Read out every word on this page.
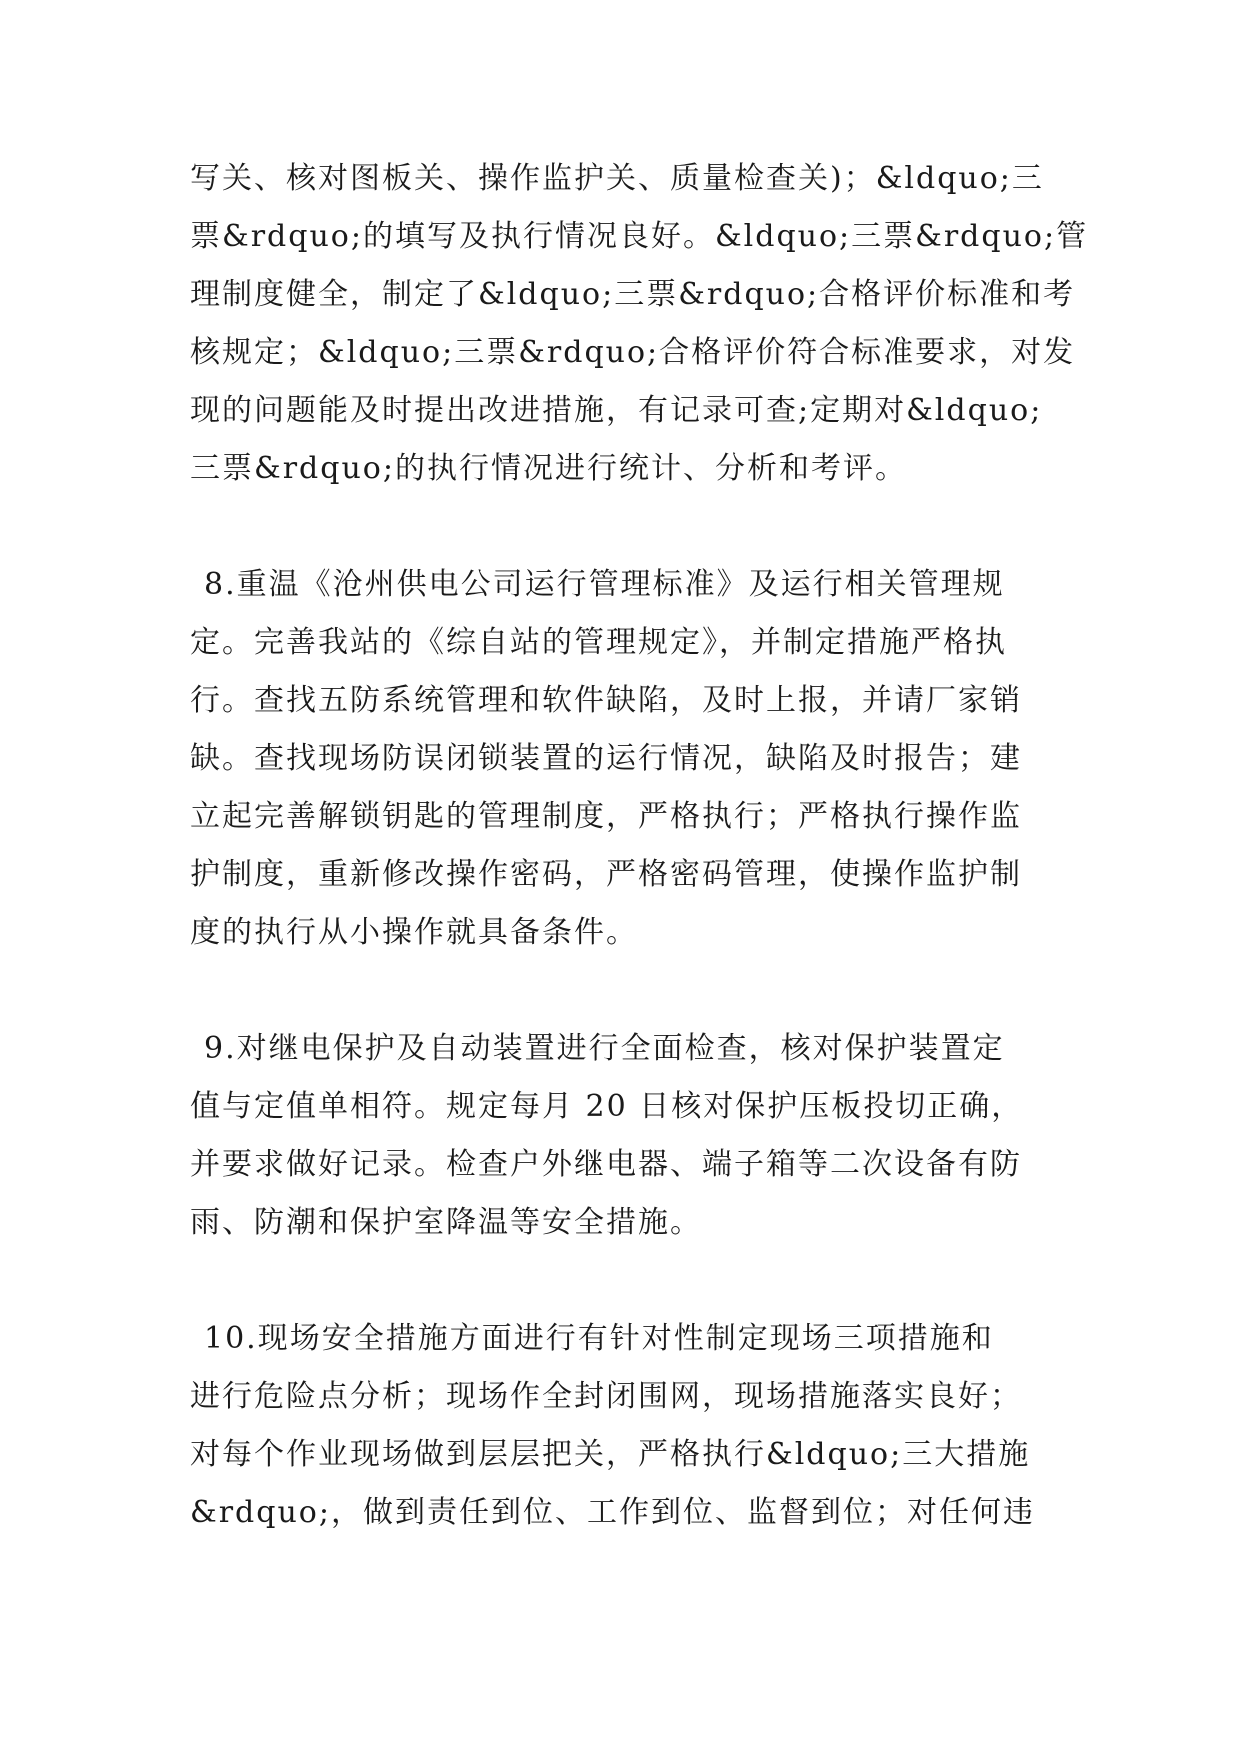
写关、核对图板关、操作监护关、质量检查关)；&ldquo;三
票&rdquo;的填写及执行情况良好。&ldquo;三票&rdquo;管
理制度健全，制定了&ldquo;三票&rdquo;合格评价标准和考
核规定；&ldquo;三票&rdquo;合格评价符合标准要求，对发
现的问题能及时提出改进措施，有记录可查;定期对&ldquo;
三票&rdquo;的执行情况进行统计、分析和考评。
8.重温《沧州供电公司运行管理标准》及运行相关管理规
定。完善我站的《综自站的管理规定》，并制定措施严格执
行。查找五防系统管理和软件缺陷，及时上报，并请厂家销
缺。查找现场防误闭锁装置的运行情况，缺陷及时报告；建
立起完善解锁钥匙的管理制度，严格执行；严格执行操作监
护制度，重新修改操作密码，严格密码管理，使操作监护制
度的执行从小操作就具备条件。
9.对继电保护及自动装置进行全面检查，核对保护装置定
值与定值单相符。规定每月 20 日核对保护压板投切正确，
并要求做好记录。检查户外继电器、端子箱等二次设备有防
雨、防潮和保护室降温等安全措施。
10.现场安全措施方面进行有针对性制定现场三项措施和
进行危险点分析；现场作全封闭围网，现场措施落实良好；
对每个作业现场做到层层把关，严格执行&ldquo;三大措施
&rdquo;，做到责任到位、工作到位、监督到位；对任何违
